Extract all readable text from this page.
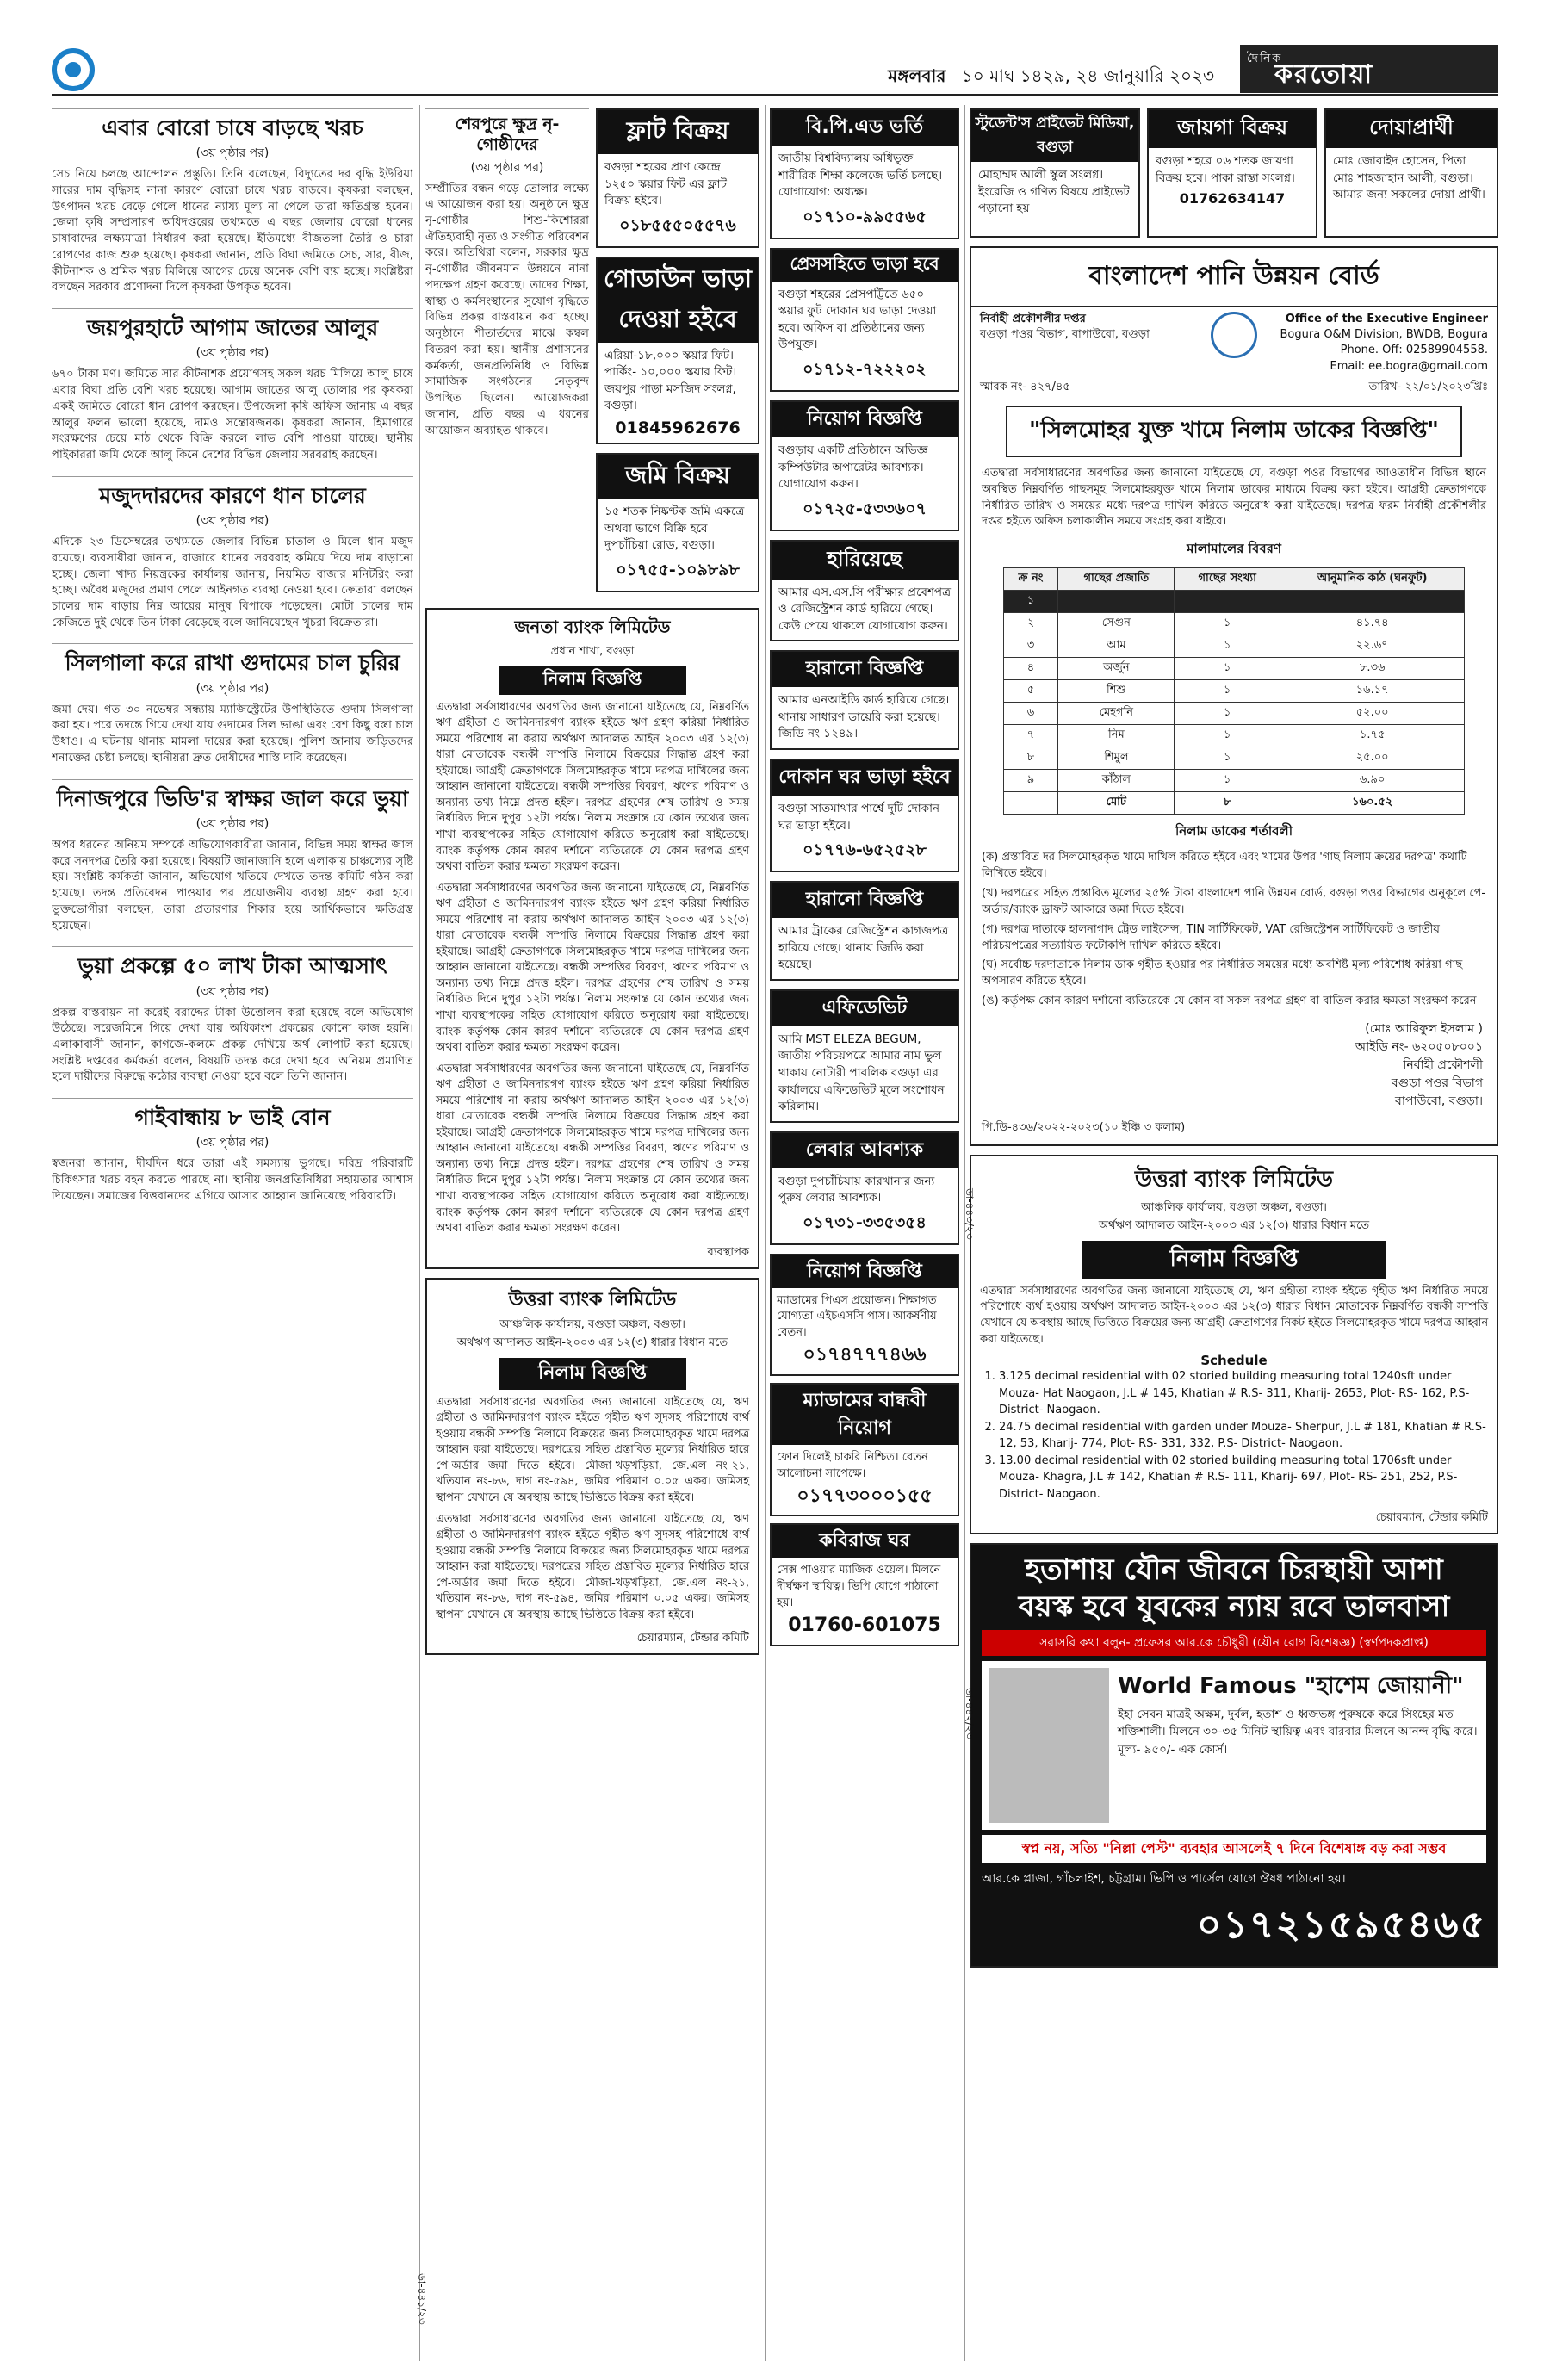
মঙ্গলবার ১০ মাঘ ১৪২৯, ২৪ জানুয়ারি ২০২৩
দৈনিক
করতোয়া
এবার বোরো চাষে বাড়ছে খরচ
(৩য় পৃষ্ঠার পর)

সেচ নিয়ে চলছে আন্দোলন প্রস্তুতি। তিনি বলেছেন, বিদ্যুতের দর বৃদ্ধি ইউরিয়া সারের দাম বৃদ্ধিসহ নানা কারণে বোরো চাষে খরচ বাড়বে। কৃষকরা বলছেন, উৎপাদন খরচ বেড়ে গেলে ধানের ন্যায্য মূল্য না পেলে তারা ক্ষতিগ্রস্ত হবেন। জেলা কৃষি সম্প্রসারণ অধিদপ্তরের তথ্যমতে এ বছর জেলায় বোরো ধানের চাষাবাদের লক্ষ্যমাত্রা নির্ধারণ করা হয়েছে। ইতিমধ্যে বীজতলা তৈরি ও চারা রোপণের কাজ শুরু হয়েছে। কৃষকরা জানান, প্রতি বিঘা জমিতে সেচ, সার, বীজ, কীটনাশক ও শ্রমিক খরচ মিলিয়ে আগের চেয়ে অনেক বেশি ব্যয় হচ্ছে। সংশ্লিষ্টরা বলছেন সরকার প্রণোদনা দিলে কৃষকরা উপকৃত হবেন।

জয়পুরহাটে আগাম জাতের আলুর
(৩য় পৃষ্ঠার পর)

৬৭০ টাকা মণ। জমিতে সার কীটনাশক প্রয়োগসহ সকল খরচ মিলিয়ে আলু চাষে এবার বিঘা প্রতি বেশি খরচ হয়েছে। আগাম জাতের আলু তোলার পর কৃষকরা একই জমিতে বোরো ধান রোপণ করছেন। উপজেলা কৃষি অফিস জানায় এ বছর আলুর ফলন ভালো হয়েছে, দামও সন্তোষজনক। কৃষকরা জানান, হিমাগারে সংরক্ষণের চেয়ে মাঠ থেকে বিক্রি করলে লাভ বেশি পাওয়া যাচ্ছে। স্থানীয় পাইকাররা জমি থেকে আলু কিনে দেশের বিভিন্ন জেলায় সরবরাহ করছেন।

মজুদদারদের কারণে ধান চালের
(৩য় পৃষ্ঠার পর)

এদিকে ২৩ ডিসেম্বরের তথ্যমতে জেলার বিভিন্ন চাতাল ও মিলে ধান মজুদ রয়েছে। ব্যবসায়ীরা জানান, বাজারে ধানের সরবরাহ কমিয়ে দিয়ে দাম বাড়ানো হচ্ছে। জেলা খাদ্য নিয়ন্ত্রকের কার্যালয় জানায়, নিয়মিত বাজার মনিটরিং করা হচ্ছে। অবৈধ মজুদের প্রমাণ পেলে আইনগত ব্যবস্থা নেওয়া হবে। ক্রেতারা বলছেন চালের দাম বাড়ায় নিম্ন আয়ের মানুষ বিপাকে পড়েছেন। মোটা চালের দাম কেজিতে দুই থেকে তিন টাকা বেড়েছে বলে জানিয়েছেন খুচরা বিক্রেতারা।

সিলগালা করে রাখা গুদামের চাল চুরির
(৩য় পৃষ্ঠার পর)

জমা দেয়। গত ৩০ নভেম্বর সন্ধ্যায় ম্যাজিস্ট্রেটের উপস্থিতিতে গুদাম সিলগালা করা হয়। পরে তদন্তে গিয়ে দেখা যায় গুদামের সিল ভাঙা এবং বেশ কিছু বস্তা চাল উধাও। এ ঘটনায় থানায় মামলা দায়ের করা হয়েছে। পুলিশ জানায় জড়িতদের শনাক্তের চেষ্টা চলছে। স্থানীয়রা দ্রুত দোষীদের শাস্তি দাবি করেছেন।

দিনাজপুরে ভিডি'র স্বাক্ষর জাল করে ভুয়া
(৩য় পৃষ্ঠার পর)

অপর ধরনের অনিয়ম সম্পর্কে অভিযোগকারীরা জানান, বিভিন্ন সময় স্বাক্ষর জাল করে সনদপত্র তৈরি করা হয়েছে। বিষয়টি জানাজানি হলে এলাকায় চাঞ্চল্যের সৃষ্টি হয়। সংশ্লিষ্ট কর্মকর্তা জানান, অভিযোগ খতিয়ে দেখতে তদন্ত কমিটি গঠন করা হয়েছে। তদন্ত প্রতিবেদন পাওয়ার পর প্রয়োজনীয় ব্যবস্থা গ্রহণ করা হবে। ভুক্তভোগীরা বলছেন, তারা প্রতারণার শিকার হয়ে আর্থিকভাবে ক্ষতিগ্রস্ত হয়েছেন।

ভুয়া প্রকল্পে ৫০ লাখ টাকা আত্মসাৎ
(৩য় পৃষ্ঠার পর)

প্রকল্প বাস্তবায়ন না করেই বরাদ্দের টাকা উত্তোলন করা হয়েছে বলে অভিযোগ উঠেছে। সরেজমিনে গিয়ে দেখা যায় অধিকাংশ প্রকল্পের কোনো কাজ হয়নি। এলাকাবাসী জানান, কাগজে-কলমে প্রকল্প দেখিয়ে অর্থ লোপাট করা হয়েছে। সংশ্লিষ্ট দপ্তরের কর্মকর্তা বলেন, বিষয়টি তদন্ত করে দেখা হবে। অনিয়ম প্রমাণিত হলে দায়ীদের বিরুদ্ধে কঠোর ব্যবস্থা নেওয়া হবে বলে তিনি জানান।

গাইবান্ধায় ৮ ভাই বোন
(৩য় পৃষ্ঠার পর)

স্বজনরা জানান, দীর্ঘদিন ধরে তারা এই সমস্যায় ভুগছে। দরিদ্র পরিবারটি চিকিৎসার খরচ বহন করতে পারছে না। স্থানীয় জনপ্রতিনিধিরা সহায়তার আশ্বাস দিয়েছেন। সমাজের বিত্তবানদের এগিয়ে আসার আহ্বান জানিয়েছে পরিবারটি।

শেরপুরে ক্ষুদ্র নৃ-গোষ্ঠীদের
(৩য় পৃষ্ঠার পর)

সম্প্রীতির বন্ধন গড়ে তোলার লক্ষ্যে এ আয়োজন করা হয়। অনুষ্ঠানে ক্ষুদ্র নৃ-গোষ্ঠীর শিশু-কিশোররা ঐতিহ্যবাহী নৃত্য ও সংগীত পরিবেশন করে। অতিথিরা বলেন, সরকার ক্ষুদ্র নৃ-গোষ্ঠীর জীবনমান উন্নয়নে নানা পদক্ষেপ গ্রহণ করেছে। তাদের শিক্ষা, স্বাস্থ্য ও কর্মসংস্থানের সুযোগ বৃদ্ধিতে বিভিন্ন প্রকল্প বাস্তবায়ন করা হচ্ছে। অনুষ্ঠানে শীতার্তদের মাঝে কম্বল বিতরণ করা হয়। স্থানীয় প্রশাসনের কর্মকর্তা, জনপ্রতিনিধি ও বিভিন্ন সামাজিক সংগঠনের নেতৃবৃন্দ উপস্থিত ছিলেন। আয়োজকরা জানান, প্রতি বছর এ ধরনের আয়োজন অব্যাহত থাকবে।

ফ্লাট বিক্রয়
বগুড়া শহরের প্রাণ কেন্দ্রে ১২৫০ স্কয়ার ফিট এর ফ্লাট বিক্রয় হইবে।
০১৮৫৫৫০৫৫৭৬
গোডাউন ভাড়া দেওয়া হইবে
এরিয়া-১৮,০০০ স্কয়ার ফিট। পার্কিং- ১০,০০০ স্কয়ার ফিট। জয়পুর পাড়া মসজিদ সংলগ্ন, বগুড়া।
01845962676
জমি বিক্রয়
১৫ শতক নিষ্কণ্টক জমি একত্রে অথবা ভাগে বিক্রি হবে। দুপচাঁচিয়া রোড, বগুড়া।
০১৭৫৫-১০৯৮৯৮
জনতা ব্যাংক লিমিটেড
প্রধান শাখা, বগুড়া
নিলাম বিজ্ঞপ্তি

এতদ্বারা সর্বসাধারণের অবগতির জন্য জানানো যাইতেছে যে, নিম্নবর্ণিত ঋণ গ্রহীতা ও জামিনদারগণ ব্যাংক হইতে ঋণ গ্রহণ করিয়া নির্ধারিত সময়ে পরিশোধ না করায় অর্থঋণ আদালত আইন ২০০৩ এর ১২(৩) ধারা মোতাবেক বন্ধকী সম্পত্তি নিলামে বিক্রয়ের সিদ্ধান্ত গ্রহণ করা হইয়াছে। আগ্রহী ক্রেতাগণকে সিলমোহরকৃত খামে দরপত্র দাখিলের জন্য আহ্বান জানানো যাইতেছে। বন্ধকী সম্পত্তির বিবরণ, ঋণের পরিমাণ ও অন্যান্য তথ্য নিম্নে প্রদত্ত হইল। দরপত্র গ্রহণের শেষ তারিখ ও সময় নির্ধারিত দিনে দুপুর ১২টা পর্যন্ত। নিলাম সংক্রান্ত যে কোন তথ্যের জন্য শাখা ব্যবস্থাপকের সহিত যোগাযোগ করিতে অনুরোধ করা যাইতেছে। ব্যাংক কর্তৃপক্ষ কোন কারণ দর্শানো ব্যতিরেকে যে কোন দরপত্র গ্রহণ অথবা বাতিল করার ক্ষমতা সংরক্ষণ করেন।

এতদ্বারা সর্বসাধারণের অবগতির জন্য জানানো যাইতেছে যে, নিম্নবর্ণিত ঋণ গ্রহীতা ও জামিনদারগণ ব্যাংক হইতে ঋণ গ্রহণ করিয়া নির্ধারিত সময়ে পরিশোধ না করায় অর্থঋণ আদালত আইন ২০০৩ এর ১২(৩) ধারা মোতাবেক বন্ধকী সম্পত্তি নিলামে বিক্রয়ের সিদ্ধান্ত গ্রহণ করা হইয়াছে। আগ্রহী ক্রেতাগণকে সিলমোহরকৃত খামে দরপত্র দাখিলের জন্য আহ্বান জানানো যাইতেছে। বন্ধকী সম্পত্তির বিবরণ, ঋণের পরিমাণ ও অন্যান্য তথ্য নিম্নে প্রদত্ত হইল। দরপত্র গ্রহণের শেষ তারিখ ও সময় নির্ধারিত দিনে দুপুর ১২টা পর্যন্ত। নিলাম সংক্রান্ত যে কোন তথ্যের জন্য শাখা ব্যবস্থাপকের সহিত যোগাযোগ করিতে অনুরোধ করা যাইতেছে। ব্যাংক কর্তৃপক্ষ কোন কারণ দর্শানো ব্যতিরেকে যে কোন দরপত্র গ্রহণ অথবা বাতিল করার ক্ষমতা সংরক্ষণ করেন।

এতদ্বারা সর্বসাধারণের অবগতির জন্য জানানো যাইতেছে যে, নিম্নবর্ণিত ঋণ গ্রহীতা ও জামিনদারগণ ব্যাংক হইতে ঋণ গ্রহণ করিয়া নির্ধারিত সময়ে পরিশোধ না করায় অর্থঋণ আদালত আইন ২০০৩ এর ১২(৩) ধারা মোতাবেক বন্ধকী সম্পত্তি নিলামে বিক্রয়ের সিদ্ধান্ত গ্রহণ করা হইয়াছে। আগ্রহী ক্রেতাগণকে সিলমোহরকৃত খামে দরপত্র দাখিলের জন্য আহ্বান জানানো যাইতেছে। বন্ধকী সম্পত্তির বিবরণ, ঋণের পরিমাণ ও অন্যান্য তথ্য নিম্নে প্রদত্ত হইল। দরপত্র গ্রহণের শেষ তারিখ ও সময় নির্ধারিত দিনে দুপুর ১২টা পর্যন্ত। নিলাম সংক্রান্ত যে কোন তথ্যের জন্য শাখা ব্যবস্থাপকের সহিত যোগাযোগ করিতে অনুরোধ করা যাইতেছে। ব্যাংক কর্তৃপক্ষ কোন কারণ দর্শানো ব্যতিরেকে যে কোন দরপত্র গ্রহণ অথবা বাতিল করার ক্ষমতা সংরক্ষণ করেন।

ব্যবস্থাপক
উত্তরা ব্যাংক লিমিটেড
আঞ্চলিক কার্যালয়, বগুড়া অঞ্চল, বগুড়া।
অর্থঋণ আদালত আইন-২০০৩ এর ১২(৩) ধারার বিধান মতে
নিলাম বিজ্ঞপ্তি

এতদ্বারা সর্বসাধারণের অবগতির জন্য জানানো যাইতেছে যে, ঋণ গ্রহীতা ও জামিনদারগণ ব্যাংক হইতে গৃহীত ঋণ সুদসহ পরিশোধে ব্যর্থ হওয়ায় বন্ধকী সম্পত্তি নিলামে বিক্রয়ের জন্য সিলমোহরকৃত খামে দরপত্র আহ্বান করা যাইতেছে। দরপত্রের সহিত প্রস্তাবিত মূল্যের নির্ধারিত হারে পে-অর্ডার জমা দিতে হইবে। মৌজা-খড়খড়িয়া, জে.এল নং-২১, খতিয়ান নং-৮৬, দাগ নং-৫৯৪, জমির পরিমাণ ০.০৫ একর। জমিসহ স্থাপনা যেখানে যে অবস্থায় আছে ভিত্তিতে বিক্রয় করা হইবে।

এতদ্বারা সর্বসাধারণের অবগতির জন্য জানানো যাইতেছে যে, ঋণ গ্রহীতা ও জামিনদারগণ ব্যাংক হইতে গৃহীত ঋণ সুদসহ পরিশোধে ব্যর্থ হওয়ায় বন্ধকী সম্পত্তি নিলামে বিক্রয়ের জন্য সিলমোহরকৃত খামে দরপত্র আহ্বান করা যাইতেছে। দরপত্রের সহিত প্রস্তাবিত মূল্যের নির্ধারিত হারে পে-অর্ডার জমা দিতে হইবে। মৌজা-খড়খড়িয়া, জে.এল নং-২১, খতিয়ান নং-৮৬, দাগ নং-৫৯৪, জমির পরিমাণ ০.০৫ একর। জমিসহ স্থাপনা যেখানে যে অবস্থায় আছে ভিত্তিতে বিক্রয় করা হইবে।

চেয়ারম্যান, টেন্ডার কমিটি
বি.পি.এড ভর্তি
জাতীয় বিশ্ববিদ্যালয় অধিভুক্ত শারীরিক শিক্ষা কলেজে ভর্তি চলছে। যোগাযোগ: অধ্যক্ষ।
০১৭১০-৯৯৫৫৬৫
প্রেসসহিতে ভাড়া হবে
বগুড়া শহরের প্রেসপট্টিতে ৬৫০ স্কয়ার ফুট দোকান ঘর ভাড়া দেওয়া হবে। অফিস বা প্রতিষ্ঠানের জন্য উপযুক্ত।
০১৭১২-৭২২২০২
নিয়োগ বিজ্ঞপ্তি
বগুড়ায় একটি প্রতিষ্ঠানে অভিজ্ঞ কম্পিউটার অপারেটর আবশ্যক। যোগাযোগ করুন।
০১৭২৫-৫৩৩৬০৭
হারিয়েছে
আমার এস.এস.সি পরীক্ষার প্রবেশপত্র ও রেজিস্ট্রেশন কার্ড হারিয়ে গেছে। কেউ পেয়ে থাকলে যোগাযোগ করুন।
হারানো বিজ্ঞপ্তি
আমার এনআইডি কার্ড হারিয়ে গেছে। থানায় সাধারণ ডায়েরি করা হয়েছে। জিডি নং ১২৪৯।
দোকান ঘর ভাড়া হইবে
বগুড়া সাতমাথার পার্শ্বে দুটি দোকান ঘর ভাড়া হইবে।
০১৭৭৬-৬৫২৫২৮
হারানো বিজ্ঞপ্তি
আমার ট্রাকের রেজিস্ট্রেশন কাগজপত্র হারিয়ে গেছে। থানায় জিডি করা হয়েছে।
এফিডেভিট
আমি MST ELEZA BEGUM, জাতীয় পরিচয়পত্রে আমার নাম ভুল থাকায় নোটারী পাবলিক বগুড়া এর কার্যালয়ে এফিডেভিট মূলে সংশোধন করিলাম।
লেবার আবশ্যক
বগুড়া দুপচাঁচিয়ায় কারখানার জন্য পুরুষ লেবার আবশ্যক।
০১৭৩১-৩৩৫৩৫৪
নিয়োগ বিজ্ঞপ্তি
ম্যাডামের পিএস প্রয়োজন। শিক্ষাগত যোগ্যতা এইচএসসি পাস। আকর্ষণীয় বেতন।
০১৭৪৭৭৭৪৬৬
ম্যাডামের বান্ধবী নিয়োগ
ফোন দিলেই চাকরি নিশ্চিত। বেতন আলোচনা সাপেক্ষে।
০১৭৭৩০০০১৫৫
কবিরাজ ঘর
সেক্স পাওয়ার ম্যাজিক ওয়েল। মিলনে দীর্ঘক্ষণ স্থায়িত্ব। ভিপি যোগে পাঠানো হয়।
01760-601075
স্টুডেন্ট'স প্রাইভেট মিডিয়া, বগুড়া
মোহাম্মদ আলী স্কুল সংলগ্ন। ইংরেজি ও গণিত বিষয়ে প্রাইভেট পড়ানো হয়।
জায়গা বিক্রয়
বগুড়া শহরে ০৬ শতক জায়গা বিক্রয় হবে। পাকা রাস্তা সংলগ্ন।
01762634147
দোয়াপ্রার্থী
মোঃ জোবাইদ হোসেন, পিতা মোঃ শাহজাহান আলী, বগুড়া। আমার জন্য সকলের দোয়া প্রার্থী।
বাংলাদেশ পানি উন্নয়ন বোর্ড
নির্বাহী প্রকৌশলীর দপ্তর
বগুড়া পওর বিভাগ, বাপাউবো, বগুড়া
Office of the Executive Engineer
Bogura O&M Division, BWDB, Bogura
Phone. Off: 02589904558.
Email: ee.bogra@gmail.com
স্মারক নং- ৪২৭/৪৫	তারিখ- ২২/০১/২০২৩খ্রিঃ
"সিলমোহর যুক্ত খামে নিলাম ডাকের বিজ্ঞপ্তি"
এতদ্বারা সর্বসাধারণের অবগতির জন্য জানানো যাইতেছে যে, বগুড়া পওর বিভাগের আওতাধীন বিভিন্ন স্থানে অবস্থিত নিম্নবর্ণিত গাছসমূহ সিলমোহরযুক্ত খামে নিলাম ডাকের মাধ্যমে বিক্রয় করা হইবে। আগ্রহী ক্রেতাগণকে নির্ধারিত তারিখ ও সময়ের মধ্যে দরপত্র দাখিল করিতে অনুরোধ করা যাইতেছে। দরপত্র ফরম নির্বাহী প্রকৌশলীর দপ্তর হইতে অফিস চলাকালীন সময়ে সংগ্রহ করা যাইবে।
মালামালের বিবরণ
ক্র নং	গাছের প্রজাতি	গাছের সংখ্যা	আনুমানিক কাঠ (ঘনফুট)
১			
২	সেগুন	১	৪১.৭৪
৩	আম	১	২২.৬৭
৪	অর্জুন	১	৮.৩৬
৫	শিশু	১	১৬.১৭
৬	মেহগনি	১	৫২.০০
৭	নিম	১	১.৭৫
৮	শিমুল	১	২৫.০০
৯	কাঁঠাল	১	৬.৯০
	মোট	৮	১৬০.৫২
নিলাম ডাকের শর্তাবলী
(ক) প্রস্তাবিত দর সিলমোহরকৃত খামে দাখিল করিতে হইবে এবং খামের উপর 'গাছ নিলাম ক্রয়ের দরপত্র' কথাটি লিখিতে হইবে।
(খ) দরপত্রের সহিত প্রস্তাবিত মূল্যের ২৫% টাকা বাংলাদেশ পানি উন্নয়ন বোর্ড, বগুড়া পওর বিভাগের অনুকূলে পে-অর্ডার/ব্যাংক ড্রাফট আকারে জমা দিতে হইবে।
(গ) দরপত্র দাতাকে হালনাগাদ ট্রেড লাইসেন্স, TIN সার্টিফিকেট, VAT রেজিস্ট্রেশন সার্টিফিকেট ও জাতীয় পরিচয়পত্রের সত্যায়িত ফটোকপি দাখিল করিতে হইবে।
(ঘ) সর্বোচ্চ দরদাতাকে নিলাম ডাক গৃহীত হওয়ার পর নির্ধারিত সময়ের মধ্যে অবশিষ্ট মূল্য পরিশোধ করিয়া গাছ অপসারণ করিতে হইবে।
(ঙ) কর্তৃপক্ষ কোন কারণ দর্শানো ব্যতিরেকে যে কোন বা সকল দরপত্র গ্রহণ বা বাতিল করার ক্ষমতা সংরক্ষণ করেন।
(মোঃ আরিফুল ইসলাম )
আইডি নং- ৬২০৫০৮০০১
নির্বাহী প্রকৌশলী
বগুড়া পওর বিভাগ
বাপাউবো, বগুড়া।
পি.ডি-৪৩৬/২০২২-২০২৩(১০ ইঞ্চি ৩ কলাম)
উত্তরা ব্যাংক লিমিটেড
আঞ্চলিক কার্যালয়, বগুড়া অঞ্চল, বগুড়া।
অর্থঋণ আদালত আইন-২০০৩ এর ১২(৩) ধারার বিধান মতে
নিলাম বিজ্ঞপ্তি

এতদ্বারা সর্বসাধারণের অবগতির জন্য জানানো যাইতেছে যে, ঋণ গ্রহীতা ব্যাংক হইতে গৃহীত ঋণ নির্ধারিত সময়ে পরিশোধে ব্যর্থ হওয়ায় অর্থঋণ আদালত আইন-২০০৩ এর ১২(৩) ধারার বিধান মোতাবেক নিম্নবর্ণিত বন্ধকী সম্পত্তি যেখানে যে অবস্থায় আছে ভিত্তিতে বিক্রয়ের জন্য আগ্রহী ক্রেতাগণের নিকট হইতে সিলমোহরকৃত খামে দরপত্র আহ্বান করা যাইতেছে।

Schedule
1. 3.125 decimal residential with 02 storied building measuring total 1240sft under Mouza- Hat Naogaon, J.L # 145, Khatian # R.S- 311, Kharij- 2653, Plot- RS- 162, P.S- District- Naogaon.
2. 24.75 decimal residential with garden under Mouza- Sherpur, J.L # 181, Khatian # R.S- 12, 53, Kharij- 774, Plot- RS- 331, 332, P.S- District- Naogaon.
3. 13.00 decimal residential with 02 storied building measuring total 1706sft under Mouza- Khagra, J.L # 142, Khatian # R.S- 111, Kharij- 697, Plot- RS- 251, 252, P.S- District- Naogaon.
চেয়ারম্যান, টেন্ডার কমিটি
হতাশায় যৌন জীবনে চিরস্থায়ী আশা
বয়স্ক হবে যুবকের ন্যায় রবে ভালবাসা
সরাসরি কথা বলুন- প্রফেসর আর.কে চৌধুরী (যৌন রোগ বিশেষজ্ঞ) (স্বর্ণপদকপ্রাপ্ত)
World Famous "হাশেম জোয়ানী"
ইহা সেবন মাত্রই অক্ষম, দুর্বল, হতাশ ও ধ্বজভঙ্গ পুরুষকে করে সিংহের মত শক্তিশালী। মিলনে ৩০-৩৫ মিনিট স্থায়িত্ব এবং বারবার মিলনে আনন্দ বৃদ্ধি করে। মূল্য- ৯৫০/- এক কোর্স।
স্বপ্ন নয়, সত্যি "নিল্লা পেস্ট" ব্যবহার আসলেই ৭ দিনে বিশেষাঙ্গ বড় করা সম্ভব
আর.কে প্লাজা, গাঁচলাইশ, চট্টগ্রাম। ভিপি ও পার্সেল যোগে ঔষধ পাঠানো হয়।
০১৭২১৫৯৫৪৬৫
ডা-৪৪৩/২৩
ডা-৪৪২/২৩
ডা-৪৪১/২৩
